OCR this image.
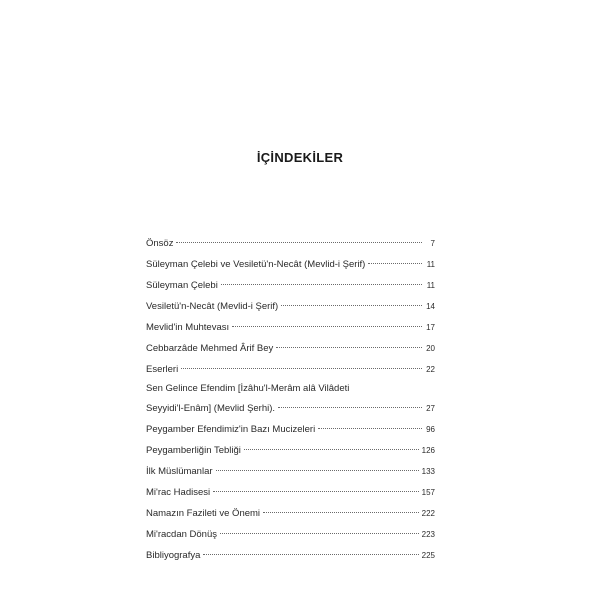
İÇİNDEKİLER
Önsöz	7
Süleyman Çelebi ve Vesiletü'n-Necât (Mevlid-i Şerif)	11
Süleyman Çelebi	11
Vesiletü'n-Necât (Mevlid-i Şerif)	14
Mevlid'in Muhtevası	17
Cebbarzâde Mehmed Ârif Bey	20
Eserleri	22
Sen Gelince Efendim [İzâhu'l-Merâm alâ Vilâdeti
Seyyidi'l-Enâm] (Mevlid Şerhi).	27
Peygamber Efendimiz'in Bazı Mucizeleri	96
Peygamberliğin Tebliği	126
İlk Müslümanlar	133
Mi'rac Hadisesi	157
Namazın Fazileti ve Önemi	222
Mi'racdan Dönüş	223
Bibliyografya	225
